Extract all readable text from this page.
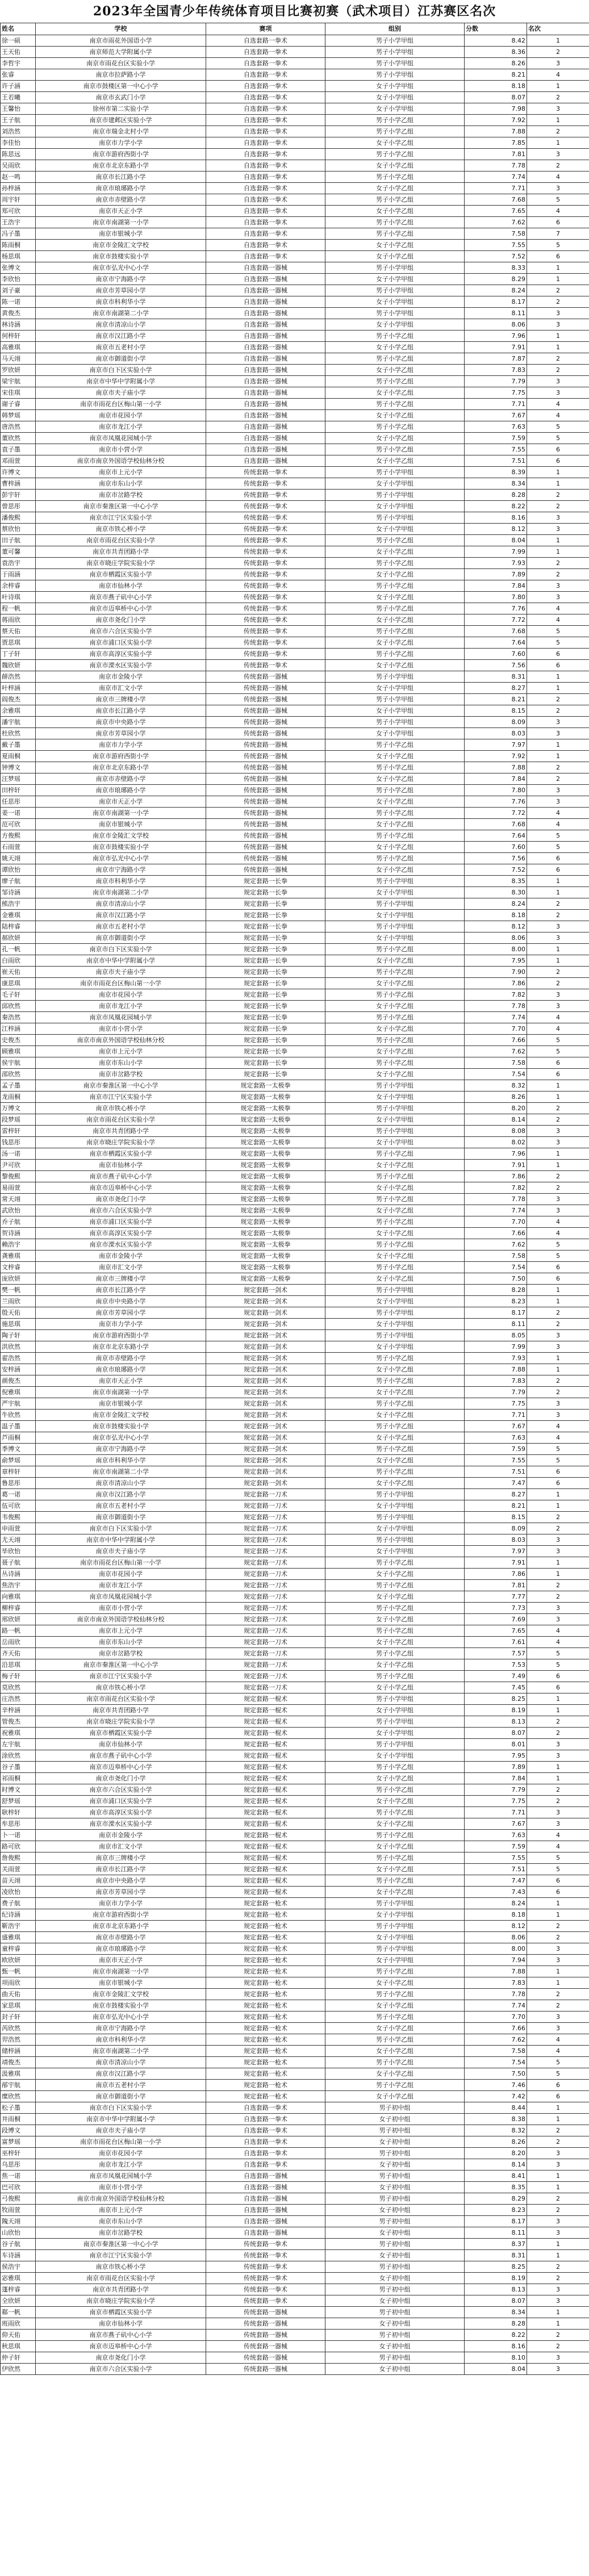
2023年全国青少年传统体育项目比赛初赛（武术项目）江苏赛区名次
姓名	学校	赛项	组别	分数	名次
徐一硕	南京市雨花外国语小学	自选套路一拳术	男子小学甲组	8.42	1
王天佑	南京师范大学附属小学	自选套路一拳术	男子小学甲组	8.36	2
李哲宇	南京市雨花台区实验小学	自选套路一拳术	男子小学甲组	8.26	3
张睿	南京市拉萨路小学	自选套路一拳术	男子小学甲组	8.21	4
许子涵	南京市鼓楼区第一中心小学	自选套路一拳术	女子小学甲组	8.18	1
王若曦	南京市玄武门小学	自选套路一拳术	女子小学甲组	8.07	2
王馨怡	徐州市第二实验小学	自选套路一拳术	女子小学甲组	7.98	3
王子航	南京市建邺区实验小学	自选套路一拳术	男子小学乙组	7.92	1
刘浩然	南京市瑞金北村小学	自选套路一拳术	男子小学乙组	7.88	2
李佳怡	南京市力学小学	自选套路一拳术	女子小学乙组	7.85	1
陈思远	南京市游府西街小学	自选套路一拳术	男子小学乙组	7.81	3
吴雨欣	南京市北京东路小学	自选套路一拳术	女子小学乙组	7.78	2
赵一鸣	南京市长江路小学	自选套路一拳术	男子小学乙组	7.74	4
孙梓涵	南京市琅琊路小学	自选套路一拳术	女子小学乙组	7.71	3
周宇轩	南京市赤壁路小学	自选套路一拳术	男子小学乙组	7.68	5
郑可欣	南京市天正小学	自选套路一拳术	女子小学乙组	7.65	4
王浩宇	南京市南湖第一小学	自选套路一拳术	男子小学乙组	7.62	6
冯子墨	南京市银城小学	自选套路一拳术	男子小学乙组	7.58	7
陈雨桐	南京市金陵汇文学校	自选套路一拳术	女子小学乙组	7.55	5
杨思琪	南京市鼓楼实验小学	自选套路一拳术	女子小学乙组	7.52	6
张博文	南京市弘光中心小学	自选套路一器械	男子小学甲组	8.33	1
李欣怡	南京市宁海路小学	自选套路一器械	女子小学甲组	8.29	1
刘子豪	南京市芳草园小学	自选套路一器械	男子小学甲组	8.24	2
陈一诺	南京市科利华小学	自选套路一器械	女子小学甲组	8.17	2
黄俊杰	南京市南湖第二小学	自选套路一器械	男子小学甲组	8.11	3
林诗涵	南京市清凉山小学	自选套路一器械	女子小学甲组	8.06	3
何梓轩	南京市汉江路小学	自选套路一器械	男子小学乙组	7.96	1
高雅琪	南京市五老村小学	自选套路一器械	女子小学乙组	7.91	1
马天翊	南京市御道街小学	自选套路一器械	男子小学乙组	7.87	2
罗欣妍	南京市白下区实验小学	自选套路一器械	女子小学乙组	7.83	2
梁宇航	南京市中华中学附属小学	自选套路一器械	男子小学乙组	7.79	3
宋佳琪	南京市夫子庙小学	自选套路一器械	女子小学乙组	7.75	3
谢子睿	南京市雨花台区梅山第一小学	自选套路一器械	男子小学乙组	7.71	4
韩梦瑶	南京市花园小学	自选套路一器械	女子小学乙组	7.67	4
唐浩然	南京市龙江小学	自选套路一器械	男子小学乙组	7.63	5
董欣然	南京市凤凰花园城小学	自选套路一器械	女子小学乙组	7.59	5
袁子墨	南京市小营小学	自选套路一器械	男子小学乙组	7.55	6
邓雨萱	南京市南京外国语学校仙林分校	自选套路一器械	女子小学乙组	7.51	6
许博文	南京市上元小学	传统套路一拳术	男子小学甲组	8.39	1
曹梓涵	南京市东山小学	传统套路一拳术	女子小学甲组	8.34	1
彭宇轩	南京市岔路学校	传统套路一拳术	男子小学甲组	8.28	2
曾思彤	南京市秦淮区第一中心小学	传统套路一拳术	女子小学甲组	8.22	2
潘俊熙	南京市江宁区实验小学	传统套路一拳术	男子小学甲组	8.16	3
蔡欣怡	南京市铁心桥小学	传统套路一拳术	女子小学甲组	8.12	3
田子航	南京市雨花台区实验小学	传统套路一拳术	男子小学乙组	8.04	1
董可馨	南京市共青团路小学	传统套路一拳术	女子小学乙组	7.99	1
袁浩宇	南京市晓庄学院实验小学	传统套路一拳术	男子小学乙组	7.93	2
于雨涵	南京市栖霞区实验小学	传统套路一拳术	女子小学乙组	7.89	2
余梓睿	南京市仙林小学	传统套路一拳术	男子小学乙组	7.84	3
叶诗琪	南京市燕子矶中心小学	传统套路一拳术	女子小学乙组	7.80	3
程一帆	南京市迈皋桥中心小学	传统套路一拳术	男子小学乙组	7.76	4
蒋雨欣	南京市尧化门小学	传统套路一拳术	女子小学乙组	7.72	4
蔡天佑	南京市六合区实验小学	传统套路一拳术	男子小学乙组	7.68	5
贾思琪	南京市浦口区实验小学	传统套路一拳术	女子小学乙组	7.64	5
丁子轩	南京市高淳区实验小学	传统套路一拳术	男子小学乙组	7.60	6
魏欣妍	南京市溧水区实验小学	传统套路一拳术	女子小学乙组	7.56	6
薛浩然	南京市金陵小学	传统套路一器械	男子小学甲组	8.31	1
叶梓涵	南京市汇文小学	传统套路一器械	女子小学甲组	8.27	1
阎俊杰	南京市三牌楼小学	传统套路一器械	男子小学甲组	8.21	2
余雅琪	南京市长江路小学	传统套路一器械	女子小学甲组	8.15	2
潘宇航	南京市中央路小学	传统套路一器械	男子小学甲组	8.09	3
杜欣然	南京市芳草园小学	传统套路一器械	女子小学甲组	8.03	3
戴子墨	南京市力学小学	传统套路一器械	男子小学乙组	7.97	1
夏雨桐	南京市游府西街小学	传统套路一器械	女子小学乙组	7.92	1
钟博文	南京市北京东路小学	传统套路一器械	男子小学乙组	7.88	2
汪梦瑶	南京市赤壁路小学	传统套路一器械	女子小学乙组	7.84	2
田梓轩	南京市琅琊路小学	传统套路一器械	男子小学乙组	7.80	3
任思彤	南京市天正小学	传统套路一器械	女子小学乙组	7.76	3
姜一诺	南京市南湖第一小学	传统套路一器械	男子小学乙组	7.72	4
范可欣	南京市银城小学	传统套路一器械	女子小学乙组	7.68	4
方俊熙	南京市金陵汇文学校	传统套路一器械	男子小学乙组	7.64	5
石雨萱	南京市鼓楼实验小学	传统套路一器械	女子小学乙组	7.60	5
姚天翊	南京市弘光中心小学	传统套路一器械	男子小学乙组	7.56	6
谭欣怡	南京市宁海路小学	传统套路一器械	女子小学乙组	7.52	6
廖子航	南京市科利华小学	规定套路一长拳	男子小学甲组	8.35	1
邹诗涵	南京市南湖第二小学	规定套路一长拳	女子小学甲组	8.30	1
熊浩宇	南京市清凉山小学	规定套路一长拳	男子小学甲组	8.24	2
金雅琪	南京市汉江路小学	规定套路一长拳	女子小学甲组	8.18	2
陆梓睿	南京市五老村小学	规定套路一长拳	男子小学甲组	8.12	3
郝欣妍	南京市御道街小学	规定套路一长拳	女子小学甲组	8.06	3
孔一帆	南京市白下区实验小学	规定套路一长拳	男子小学乙组	8.00	1
白雨欣	南京市中华中学附属小学	规定套路一长拳	女子小学乙组	7.95	1
崔天佑	南京市夫子庙小学	规定套路一长拳	男子小学乙组	7.90	2
康思琪	南京市雨花台区梅山第一小学	规定套路一长拳	女子小学乙组	7.86	2
毛子轩	南京市花园小学	规定套路一长拳	男子小学乙组	7.82	3
邱欣然	南京市龙江小学	规定套路一长拳	女子小学乙组	7.78	3
秦浩然	南京市凤凰花园城小学	规定套路一长拳	男子小学乙组	7.74	4
江梓涵	南京市小营小学	规定套路一长拳	女子小学乙组	7.70	4
史俊杰	南京市南京外国语学校仙林分校	规定套路一长拳	男子小学乙组	7.66	5
顾雅琪	南京市上元小学	规定套路一长拳	女子小学乙组	7.62	5
侯宇航	南京市东山小学	规定套路一长拳	男子小学乙组	7.58	6
邵欣然	南京市岔路学校	规定套路一长拳	女子小学乙组	7.54	6
孟子墨	南京市秦淮区第一中心小学	规定套路一太极拳	男子小学甲组	8.32	1
龙雨桐	南京市江宁区实验小学	规定套路一太极拳	女子小学甲组	8.26	1
万博文	南京市铁心桥小学	规定套路一太极拳	男子小学甲组	8.20	2
段梦瑶	南京市雨花台区实验小学	规定套路一太极拳	女子小学甲组	8.14	2
雷梓轩	南京市共青团路小学	规定套路一太极拳	男子小学甲组	8.08	3
钱思彤	南京市晓庄学院实验小学	规定套路一太极拳	女子小学甲组	8.02	3
汤一诺	南京市栖霞区实验小学	规定套路一太极拳	男子小学乙组	7.96	1
尹可欣	南京市仙林小学	规定套路一太极拳	女子小学乙组	7.91	1
黎俊熙	南京市燕子矶中心小学	规定套路一太极拳	男子小学乙组	7.86	2
易雨萱	南京市迈皋桥中心小学	规定套路一太极拳	女子小学乙组	7.82	2
常天翊	南京市尧化门小学	规定套路一太极拳	男子小学乙组	7.78	3
武欣怡	南京市六合区实验小学	规定套路一太极拳	女子小学乙组	7.74	3
乔子航	南京市浦口区实验小学	规定套路一太极拳	男子小学乙组	7.70	4
贺诗涵	南京市高淳区实验小学	规定套路一太极拳	女子小学乙组	7.66	4
赖浩宇	南京市溧水区实验小学	规定套路一太极拳	男子小学乙组	7.62	5
龚雅琪	南京市金陵小学	规定套路一太极拳	女子小学乙组	7.58	5
文梓睿	南京市汇文小学	规定套路一太极拳	男子小学乙组	7.54	6
庞欣妍	南京市三牌楼小学	规定套路一太极拳	女子小学乙组	7.50	6
樊一帆	南京市长江路小学	规定套路一剑术	男子小学甲组	8.28	1
兰雨欣	南京市中央路小学	规定套路一剑术	女子小学甲组	8.23	1
殷天佑	南京市芳草园小学	规定套路一剑术	男子小学甲组	8.17	2
施思琪	南京市力学小学	规定套路一剑术	女子小学甲组	8.11	2
陶子轩	南京市游府西街小学	规定套路一剑术	男子小学甲组	8.05	3
洪欣然	南京市北京东路小学	规定套路一剑术	女子小学甲组	7.99	3
翟浩然	南京市赤壁路小学	规定套路一剑术	男子小学乙组	7.93	1
安梓涵	南京市琅琊路小学	规定套路一剑术	女子小学乙组	7.88	1
颜俊杰	南京市天正小学	规定套路一剑术	男子小学乙组	7.83	2
倪雅琪	南京市南湖第一小学	规定套路一剑术	女子小学乙组	7.79	2
严宇航	南京市银城小学	规定套路一剑术	男子小学乙组	7.75	3
牛欣然	南京市金陵汇文学校	规定套路一剑术	女子小学乙组	7.71	3
温子墨	南京市鼓楼实验小学	规定套路一剑术	男子小学乙组	7.67	4
芦雨桐	南京市弘光中心小学	规定套路一剑术	女子小学乙组	7.63	4
季博文	南京市宁海路小学	规定套路一剑术	男子小学乙组	7.59	5
俞梦瑶	南京市科利华小学	规定套路一剑术	女子小学乙组	7.55	5
章梓轩	南京市南湖第二小学	规定套路一剑术	男子小学乙组	7.51	6
鲁思彤	南京市清凉山小学	规定套路一剑术	女子小学乙组	7.47	6
葛一诺	南京市汉江路小学	规定套路一刀术	男子小学甲组	8.27	1
伍可欣	南京市五老村小学	规定套路一刀术	女子小学甲组	8.21	1
韦俊熙	南京市御道街小学	规定套路一刀术	男子小学甲组	8.15	2
申雨萱	南京市白下区实验小学	规定套路一刀术	女子小学甲组	8.09	2
尤天翊	南京市中华中学附属小学	规定套路一刀术	男子小学甲组	8.03	3
毕欣怡	南京市夫子庙小学	规定套路一刀术	女子小学甲组	7.97	3
聂子航	南京市雨花台区梅山第一小学	规定套路一刀术	男子小学乙组	7.91	1
丛诗涵	南京市花园小学	规定套路一刀术	女子小学乙组	7.86	1
焦浩宇	南京市龙江小学	规定套路一刀术	男子小学乙组	7.81	2
向雅琪	南京市凤凰花园城小学	规定套路一刀术	女子小学乙组	7.77	2
柳梓睿	南京市小营小学	规定套路一刀术	男子小学乙组	7.73	3
邢欣妍	南京市南京外国语学校仙林分校	规定套路一刀术	女子小学乙组	7.69	3
路一帆	南京市上元小学	规定套路一刀术	男子小学乙组	7.65	4
岳雨欣	南京市东山小学	规定套路一刀术	女子小学乙组	7.61	4
齐天佑	南京市岔路学校	规定套路一刀术	男子小学乙组	7.57	5
沿思琪	南京市秦淮区第一中心小学	规定套路一刀术	女子小学乙组	7.53	5
梅子轩	南京市江宁区实验小学	规定套路一刀术	男子小学乙组	7.49	6
莫欣然	南京市铁心桥小学	规定套路一刀术	女子小学乙组	7.45	6
庄浩然	南京市雨花台区实验小学	规定套路一棍术	男子小学甲组	8.25	1
辛梓涵	南京市共青团路小学	规定套路一棍术	女子小学甲组	8.19	1
管俊杰	南京市晓庄学院实验小学	规定套路一棍术	男子小学甲组	8.13	2
祝雅琪	南京市栖霞区实验小学	规定套路一棍术	女子小学甲组	8.07	2
左宇航	南京市仙林小学	规定套路一棍术	男子小学甲组	8.01	3
涂欣然	南京市燕子矶中心小学	规定套路一棍术	女子小学甲组	7.95	3
谷子墨	南京市迈皋桥中心小学	规定套路一棍术	男子小学乙组	7.89	1
祁雨桐	南京市尧化门小学	规定套路一棍术	女子小学乙组	7.84	1
时博文	南京市六合区实验小学	规定套路一棍术	男子小学乙组	7.79	2
舒梦瑶	南京市浦口区实验小学	规定套路一棍术	女子小学乙组	7.75	2
耿梓轩	南京市高淳区实验小学	规定套路一棍术	男子小学乙组	7.71	3
牟思彤	南京市溧水区实验小学	规定套路一棍术	女子小学乙组	7.67	3
卜一诺	南京市金陵小学	规定套路一棍术	男子小学乙组	7.63	4
路可欣	南京市汇文小学	规定套路一棍术	女子小学乙组	7.59	4
詹俊熙	南京市三牌楼小学	规定套路一棍术	男子小学乙组	7.55	5
关雨萱	南京市长江路小学	规定套路一棍术	女子小学乙组	7.51	5
苗天翊	南京市中央路小学	规定套路一棍术	男子小学乙组	7.47	6
凌欣怡	南京市芳草园小学	规定套路一棍术	女子小学乙组	7.43	6
费子航	南京市力学小学	规定套路一枪术	男子小学甲组	8.24	1
纪诗涵	南京市游府西街小学	规定套路一枪术	女子小学甲组	8.18	1
靳浩宇	南京市北京东路小学	规定套路一枪术	男子小学甲组	8.12	2
盛雅琪	南京市赤壁路小学	规定套路一枪术	女子小学甲组	8.06	2
童梓睿	南京市琅琊路小学	规定套路一枪术	男子小学甲组	8.00	3
欧欣妍	南京市天正小学	规定套路一枪术	女子小学甲组	7.94	3
甄一帆	南京市南湖第一小学	规定套路一枪术	男子小学乙组	7.88	1
项雨欣	南京市银城小学	规定套路一枪术	女子小学乙组	7.83	1
曲天佑	南京市金陵汇文学校	规定套路一枪术	男子小学乙组	7.78	2
家思琪	南京市鼓楼实验小学	规定套路一枪术	女子小学乙组	7.74	2
封子轩	南京市弘光中心小学	规定套路一枪术	男子小学乙组	7.70	3
芮欣然	南京市宁海路小学	规定套路一枪术	女子小学乙组	7.66	3
羿浩然	南京市科利华小学	规定套路一枪术	男子小学乙组	7.62	4
储梓涵	南京市南湖第二小学	规定套路一枪术	女子小学乙组	7.58	4
靖俊杰	南京市清凉山小学	规定套路一枪术	男子小学乙组	7.54	5
汲雅琪	南京市汉江路小学	规定套路一枪术	女子小学乙组	7.50	5
邴宇航	南京市五老村小学	规定套路一枪术	男子小学乙组	7.46	6
糜欣然	南京市御道街小学	规定套路一枪术	女子小学乙组	7.42	6
松子墨	南京市白下区实验小学	自选套路一拳术	男子初中组	8.44	1
井雨桐	南京市中华中学附属小学	自选套路一拳术	女子初中组	8.38	1
段博文	南京市夫子庙小学	自选套路一拳术	男子初中组	8.32	2
富梦瑶	南京市雨花台区梅山第一小学	自选套路一拳术	女子初中组	8.26	2
巫梓轩	南京市花园小学	自选套路一拳术	男子初中组	8.20	3
乌思彤	南京市龙江小学	自选套路一拳术	女子初中组	8.14	3
焦一诺	南京市凤凰花园城小学	自选套路一器械	男子初中组	8.41	1
巴可欣	南京市小营小学	自选套路一器械	女子初中组	8.35	1
弓俊熙	南京市南京外国语学校仙林分校	自选套路一器械	男子初中组	8.29	2
牧雨萱	南京市上元小学	自选套路一器械	女子初中组	8.23	2
隗天翊	南京市东山小学	自选套路一器械	男子初中组	8.17	3
山欣怡	南京市岔路学校	自选套路一器械	女子初中组	8.11	3
谷子航	南京市秦淮区第一中心小学	传统套路一拳术	男子初中组	8.37	1
车诗涵	南京市江宁区实验小学	传统套路一拳术	女子初中组	8.31	1
侯浩宇	南京市铁心桥小学	传统套路一拳术	男子初中组	8.25	2
宓雅琪	南京市雨花台区实验小学	传统套路一拳术	女子初中组	8.19	2
蓬梓睿	南京市共青团路小学	传统套路一拳术	男子初中组	8.13	3
全欣妍	南京市晓庄学院实验小学	传统套路一拳术	女子初中组	8.07	3
郗一帆	南京市栖霞区实验小学	传统套路一器械	男子初中组	8.34	1
班雨欣	南京市仙林小学	传统套路一器械	女子初中组	8.28	1
仰天佑	南京市燕子矶中心小学	传统套路一器械	男子初中组	8.22	2
秋思琪	南京市迈皋桥中心小学	传统套路一器械	女子初中组	8.16	2
仲子轩	南京市尧化门小学	传统套路一器械	男子初中组	8.10	3
伊欣然	南京市六合区实验小学	传统套路一器械	女子初中组	8.04	3
